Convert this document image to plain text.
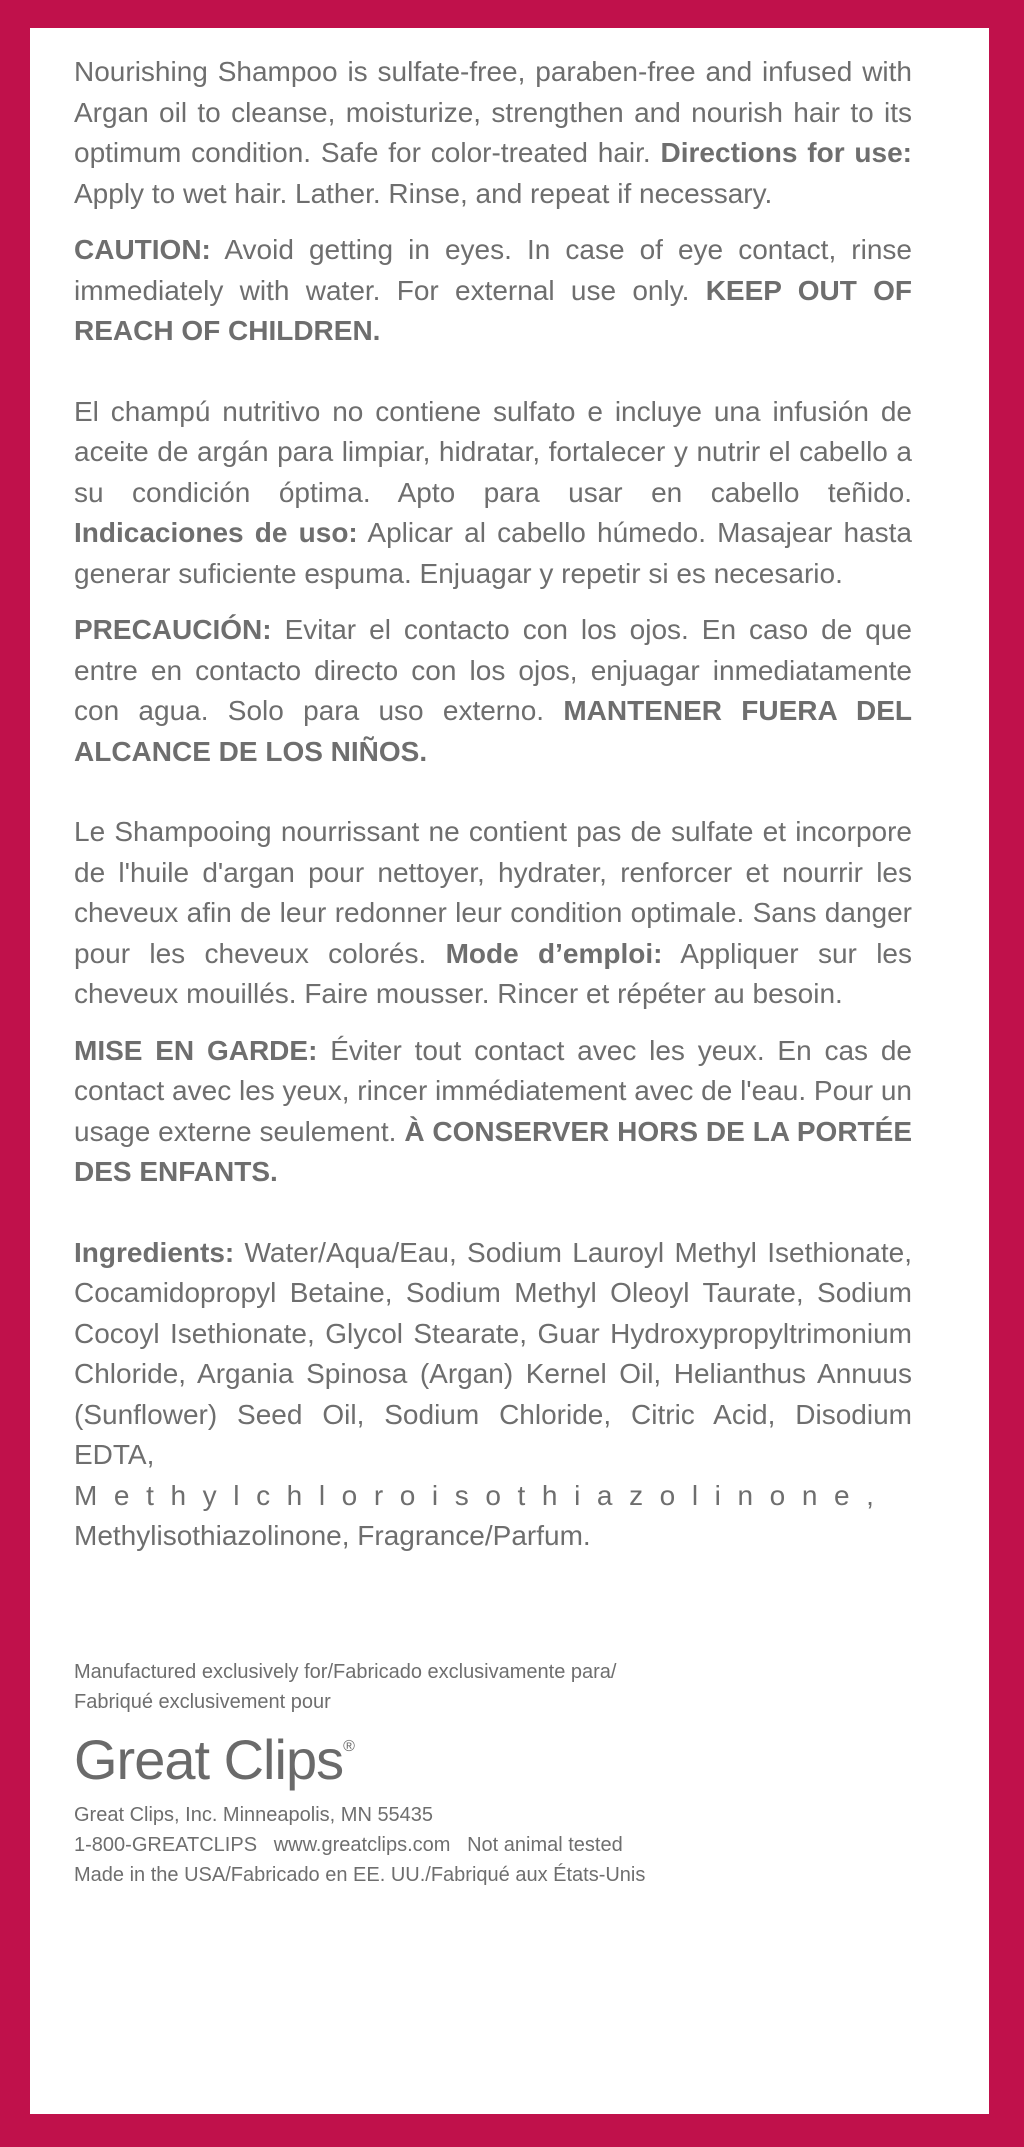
Nourishing Shampoo is sulfate-free, paraben-free and infused with Argan oil to cleanse, moisturize, strengthen and nourish hair to its optimum condition. Safe for color-treated hair. Directions for use: Apply to wet hair. Lather. Rinse, and repeat if necessary.

CAUTION: Avoid getting in eyes. In case of eye contact, rinse immediately with water. For external use only. KEEP OUT OF REACH OF CHILDREN.

El champú nutritivo no contiene sulfato e incluye una infusión de aceite de argán para limpiar, hidratar, fortalecer y nutrir el cabello a su condición óptima. Apto para usar en cabello teñido. Indicaciones de uso: Aplicar al cabello húmedo. Masajear hasta generar suficiente espuma. Enjuagar y repetir si es necesario.

PRECAUCIÓN: Evitar el contacto con los ojos. En caso de que entre en contacto directo con los ojos, enjuagar inmediatamente con agua. Solo para uso externo. MANTENER FUERA DEL ALCANCE DE LOS NIÑOS.

Le Shampooing nourrissant ne contient pas de sulfate et incorpore de l'huile d'argan pour nettoyer, hydrater, renforcer et nourrir les cheveux afin de leur redonner leur condition optimale. Sans danger pour les cheveux colorés. Mode d’emploi: Appliquer sur les cheveux mouillés. Faire mousser. Rincer et répéter au besoin.

MISE EN GARDE: Éviter tout contact avec les yeux. En cas de contact avec les yeux, rincer immédiatement avec de l'eau. Pour un usage externe seulement. À CONSERVER HORS DE LA PORTÉE DES ENFANTS.

Ingredients: Water/Aqua/Eau, Sodium Lauroyl Methyl Isethionate, Cocamidopropyl Betaine, Sodium Methyl Oleoyl Taurate, Sodium Cocoyl Isethionate, Glycol Stearate, Guar Hydroxypropyltrimonium Chloride, Argania Spinosa (Argan) Kernel Oil, Helianthus Annuus (Sunflower) Seed Oil, Sodium Chloride, Citric Acid, Disodium EDTA,
Methylchloroisothiazolinone,
Methylisothiazolinone, Fragrance/Parfum.

Manufactured exclusively for/Fabricado exclusivamente para/

Fabriqué exclusivement pour

Great Clips®

Great Clips, Inc. Minneapolis, MN 55435

1-800-GREATCLIPS   www.greatclips.com   Not animal tested

Made in the USA/Fabricado en EE. UU./Fabriqué aux États-Unis
